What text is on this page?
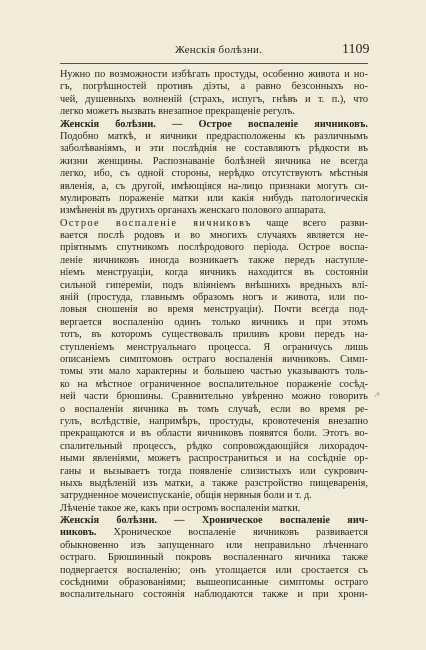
Женскія болѣзни.	1109
Нужно по возможности избѣгать простуды, особенно живота и но-
гъ, погрѣшностей противъ діэты, а равно безсонныхъ но-
чей, душевныхъ волненій (страхъ, испугъ, гнѣвъ и т. п.), что
легко можетъ вызвать внезапное прекращеніе регулъ.
Женскія болѣзни. — Острое воспаленіе яичниковъ.
Подобно маткѣ, и яичники предрасположены къ различнымъ
заболѣваніямъ, и эти послѣднія не составляютъ рѣдкости въ
жизни женщины. Распознаваніе болѣзней яичника не всегда
легко, ибо, съ одной стороны, нерѣдко отсутствуютъ мѣстныя
явленія, а, съ другой, имѣющіяся на-лицо признаки могутъ си-
мулировать пораженіе матки или какія нибудь патологическія
измѣненія въ другихъ органахъ женскаго полового аппарата.
Острое воспаленіе яичниковъ чаще всего разви-
вается послѣ родовъ и во многихъ случаяхъ является не-
пріятнымъ спутникомъ послѣродового періода. Острое воспа-
леніе яичниковъ иногда возникаетъ также передъ наступле-
ніемъ менструаціи, когда яичникъ находится въ состояніи
сильной гипереміи, подъ вліяніемъ внѣшнихъ вредныхъ влі-
яній (простуда, главнымъ образомъ ногъ и живота, или по-
ловыя сношенія во время менструаціи). Почти всегда под-
вергается воспаленію одинъ только яичникъ и при этомъ
тотъ, въ которомъ существовалъ приливъ крови передъ на-
ступленіемъ менструальнаго процесса. Я ограничусь лишь
описаніемъ симптомовъ остраго воспаленія яичниковъ. Симп-
томы эти мало характерны и большею частью указываютъ толь-
ко на мѣстное ограниченное воспалительное пораженіе сосѣд-
ней части брюшины. Сравнительно увѣренно можно говорить
о воспаленіи яичника въ томъ случаѣ, если во время ре-
гулъ, вслѣдствіе, напримѣръ, простуды, кровотеченія внезапно
прекращаются и въ области яичниковъ появятся боли. Этотъ во-
спалительный процессъ, рѣдко сопровождающійся лихорадоч-
ными явленіями, можетъ распространиться и на сосѣдніе ор-
ганы и вызываетъ тогда появленіе слизистыхъ или сукрович-
ныхъ выдѣленій изъ матки, а также разстройство пищеваренія,
затрудненное мочеиспусканіе, общія нервныя боли и т. д.
Лѣченіе такое же, какъ при остромъ воспаленіи матки.
Женскія болѣзни. — Хроническое воспаленіе яич-
никовъ. Хроническое воспаленіе яичниковъ развивается
обыкновенно изъ запущеннаго или неправильно лѣченнаго
остраго. Брюшинный покровъ воспаленнаго яичника также
подвергается воспаленію; онъ утолщается или сростается съ
сосѣдними образованіями; вышеописанные симптомы остраго
воспалительнаго состоянія наблюдаются также и при хрони-
∙°
